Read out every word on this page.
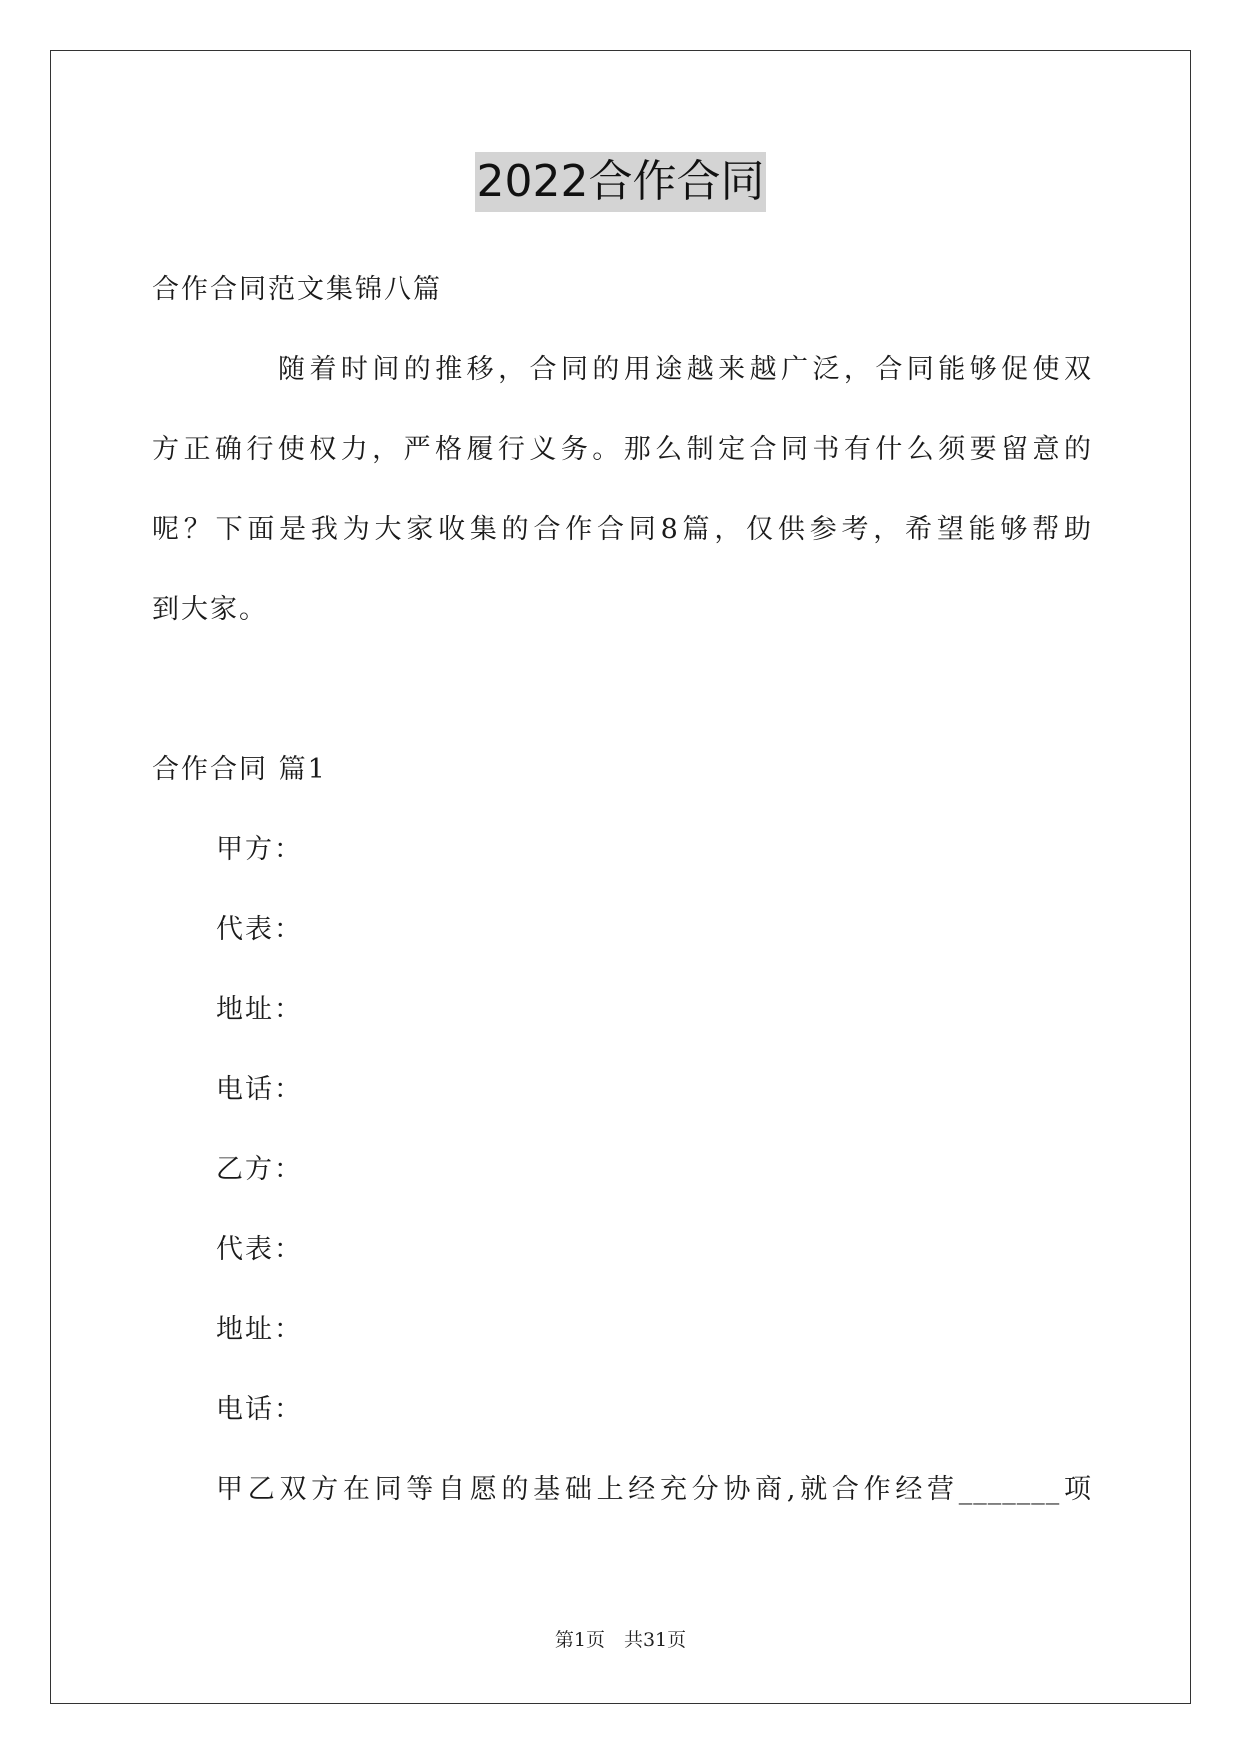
2022合作合同
合作合同范文集锦八篇
随着时间的推移，合同的用途越来越广泛，合同能够促使双
方正确行使权力，严格履行义务。那么制定合同书有什么须要留意的
呢？下面是我为大家收集的合作合同8篇，仅供参考，希望能够帮助
到大家。
合作合同 篇1
甲方：
代表：
地址：
电话：
乙方：
代表：
地址：
电话：
甲乙双方在同等自愿的基础上经充分协商,就合作经营_______项
第1页　共31页
